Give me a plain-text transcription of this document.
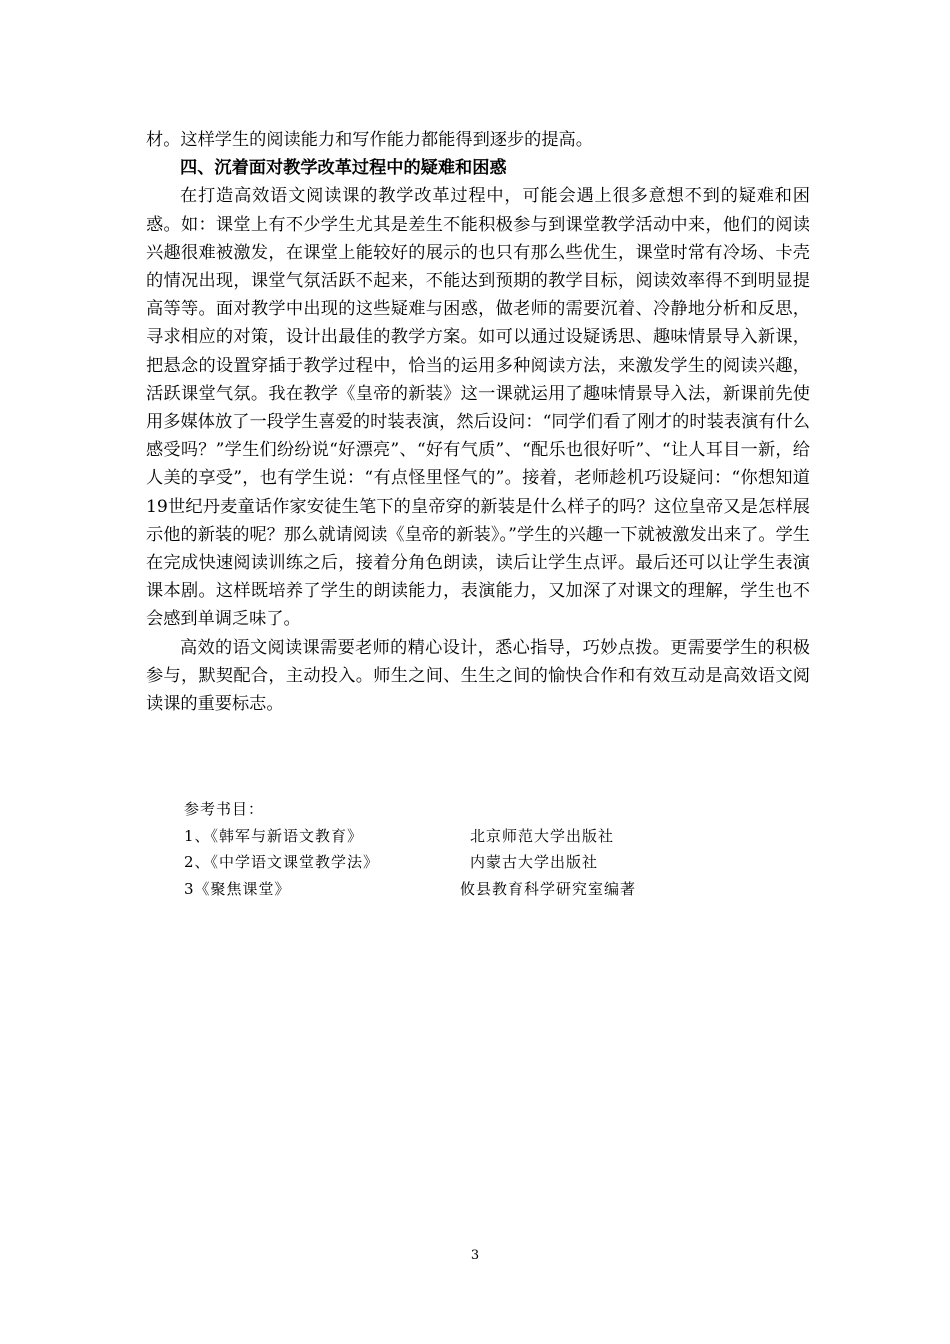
材。这样学生的阅读能力和写作能力都能得到逐步的提高。

四、沉着面对教学改革过程中的疑难和困惑

在打造高效语文阅读课的教学改革过程中，可能会遇上很多意想不到的疑难和困惑。如：课堂上有不少学生尤其是差生不能积极参与到课堂教学活动中来，他们的阅读兴趣很难被激发，在课堂上能较好的展示的也只有那么些优生，课堂时常有冷场、卡壳的情况出现，课堂气氛活跃不起来，不能达到预期的教学目标，阅读效率得不到明显提高等等。面对教学中出现的这些疑难与困惑，做老师的需要沉着、冷静地分析和反思，寻求相应的对策，设计出最佳的教学方案。如可以通过设疑诱思、趣味情景导入新课，把悬念的设置穿插于教学过程中，恰当的运用多种阅读方法，来激发学生的阅读兴趣，活跃课堂气氛。我在教学《皇帝的新装》这一课就运用了趣味情景导入法，新课前先使用多媒体放了一段学生喜爱的时装表演，然后设问：“同学们看了刚才的时装表演有什么感受吗？”学生们纷纷说“好漂亮”、“好有气质”、“配乐也很好听”、“让人耳目一新，给人美的享受”，也有学生说：“有点怪里怪气的”。接着，老师趁机巧设疑问：“你想知道19世纪丹麦童话作家安徒生笔下的皇帝穿的新装是什么样子的吗？这位皇帝又是怎样展示他的新装的呢？那么就请阅读《皇帝的新装》。”学生的兴趣一下就被激发出来了。学生在完成快速阅读训练之后，接着分角色朗读，读后让学生点评。最后还可以让学生表演课本剧。这样既培养了学生的朗读能力，表演能力，又加深了对课文的理解，学生也不会感到单调乏味了。

高效的语文阅读课需要老师的精心设计，悉心指导，巧妙点拨。更需要学生的积极参与，默契配合，主动投入。师生之间、生生之间的愉快合作和有效互动是高效语文阅读课的重要标志。

参考书目：
1、《韩军与新语文教育》	北京师范大学出版社
2、《中学语文课堂教学法》	内蒙古大学出版社
3《聚焦课堂》	攸县教育科学研究室编著
3
